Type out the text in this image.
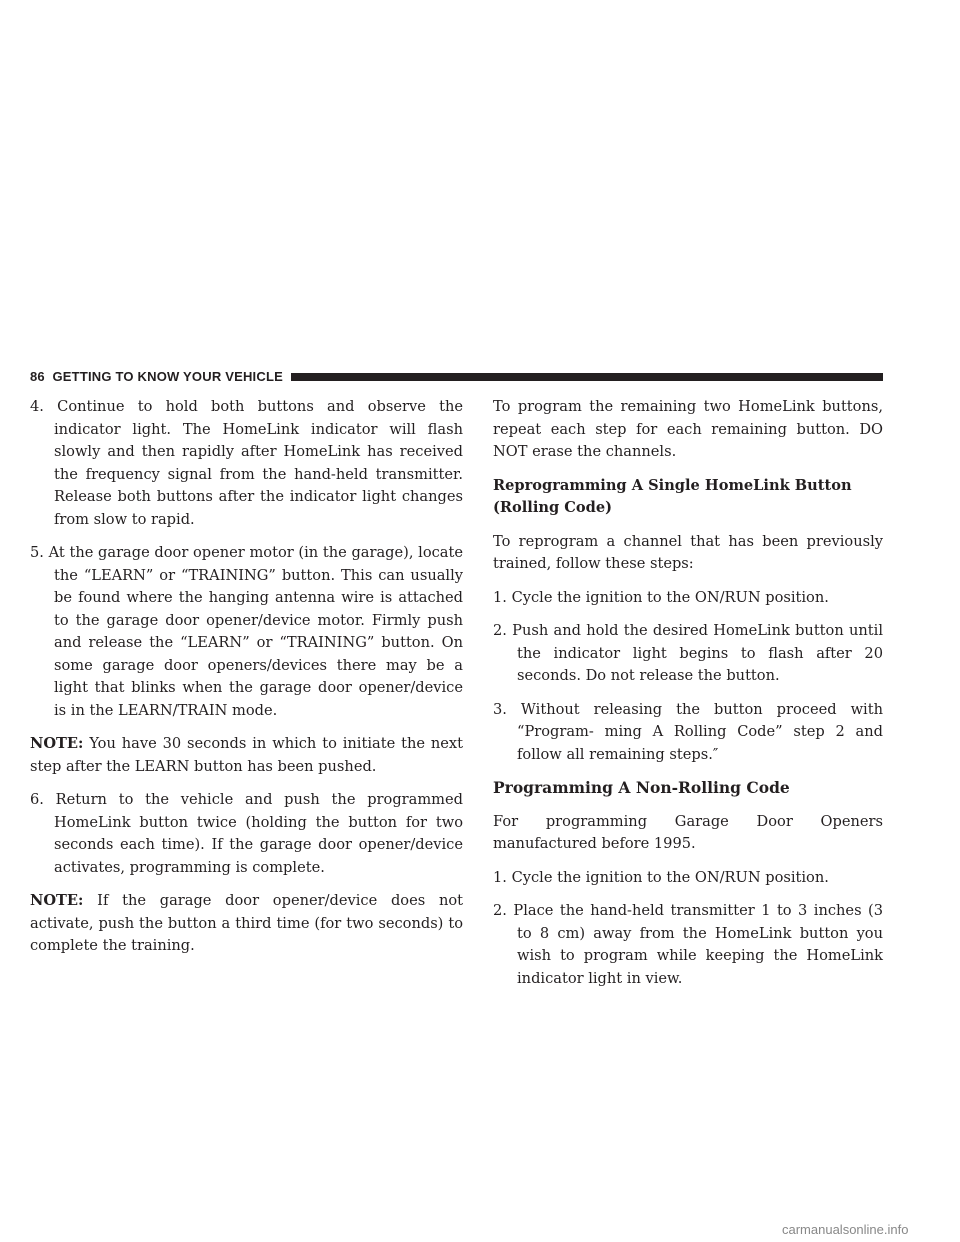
86 GETTING TO KNOW YOUR VEHICLE

4. Continue to hold both buttons and observe the indicator light. The HomeLink indicator will flash slowly and then rapidly after HomeLink has received the frequency signal from the hand-held transmitter. Release both buttons after the indicator light changes from slow to rapid.

5. At the garage door opener motor (in the garage), locate the “LEARN” or “TRAINING” button. This can usually be found where the hanging antenna wire is attached to the garage door opener/device motor. Firmly push and release the “LEARN” or “TRAINING” button. On some garage door openers/devices there may be a light that blinks when the garage door opener/device is in the LEARN/TRAIN mode.

NOTE: You have 30 seconds in which to initiate the next step after the LEARN button has been pushed.

6. Return to the vehicle and push the programmed HomeLink button twice (holding the button for two seconds each time). If the garage door opener/device activates, programming is complete.

NOTE: If the garage door opener/device does not activate, push the button a third time (for two seconds) to complete the training.

To program the remaining two HomeLink buttons, repeat each step for each remaining button. DO NOT erase the channels.

Reprogramming A Single HomeLink Button (Rolling Code)

To reprogram a channel that has been previously trained, follow these steps:

1. Cycle the ignition to the ON/RUN position.

2. Push and hold the desired HomeLink button until the indicator light begins to flash after 20 seconds. Do not release the button.

3. Without releasing the button proceed with “Program- ming A Rolling Code” step 2 and follow all remaining steps.″

Programming A Non-Rolling Code

For programming Garage Door Openers manufactured before 1995.

1. Cycle the ignition to the ON/RUN position.

2. Place the hand-held transmitter 1 to 3 inches (3 to 8 cm) away from the HomeLink button you wish to program while keeping the HomeLink indicator light in view.

carmanualsonline.info
